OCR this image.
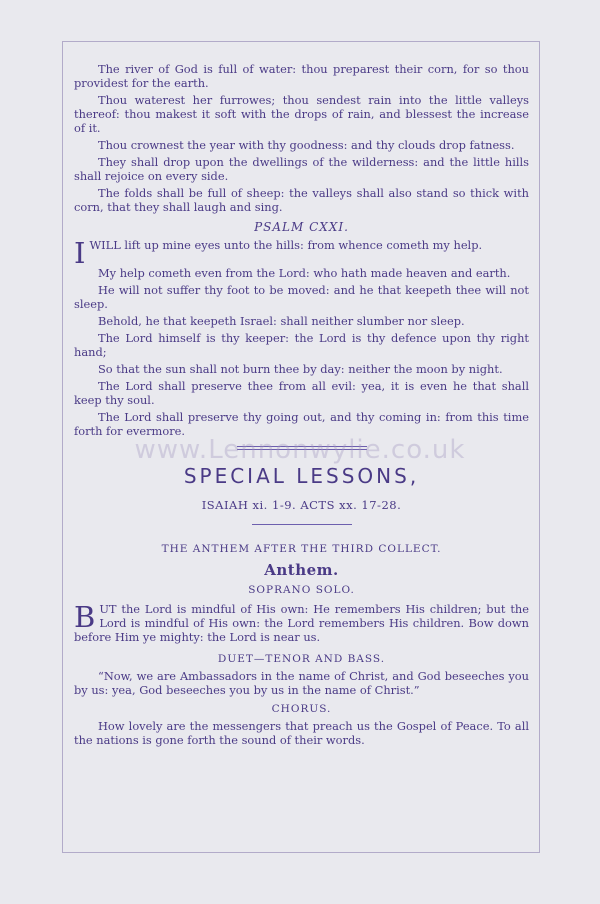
The river of God is full of water: thou preparest their corn, for so thou providest for the earth.

Thou waterest her furrowes; thou sendest rain into the little valleys thereof: thou makest it soft with the drops of rain, and blessest the increase of it.

Thou crownest the year with thy goodness: and thy clouds drop fatness.

They shall drop upon the dwellings of the wilderness: and the little hills shall rejoice on every side.

The folds shall be full of sheep: the valleys shall also stand so thick with corn, that they shall laugh and sing.

PSALM CXXI.

IWILL lift up mine eyes unto the hills: from whence cometh my help.

My help cometh even from the Lord: who hath made heaven and earth.

He will not suffer thy foot to be moved: and he that keepeth thee will not sleep.

Behold, he that keepeth Israel: shall neither slumber nor sleep.

The Lord himself is thy keeper: the Lord is thy defence upon thy right hand;

So that the sun shall not burn thee by day: neither the moon by night.

The Lord shall preserve thee from all evil: yea, it is even he that shall keep thy soul.

The Lord shall preserve thy going out, and thy coming in: from this time forth for evermore.

SPECIAL LESSONS,
ISAIAH xi. 1-9. ACTS xx. 17-28.
THE ANTHEM AFTER THE THIRD COLLECT.
Anthem.
SOPRANO SOLO.

BUT the Lord is mindful of His own: He remembers His children; but the Lord is mindful of His own: the Lord remembers His children. Bow down before Him ye mighty: the Lord is near us.

DUET—TENOR AND BASS.

“Now, we are Ambassadors in the name of Christ, and God beseeches you by us: yea, God beseeches you by us in the name of Christ.”

CHORUS.

How lovely are the messengers that preach us the Gospel of Peace. To all the nations is gone forth the sound of their words.

www.Lennonwylie.co.uk
